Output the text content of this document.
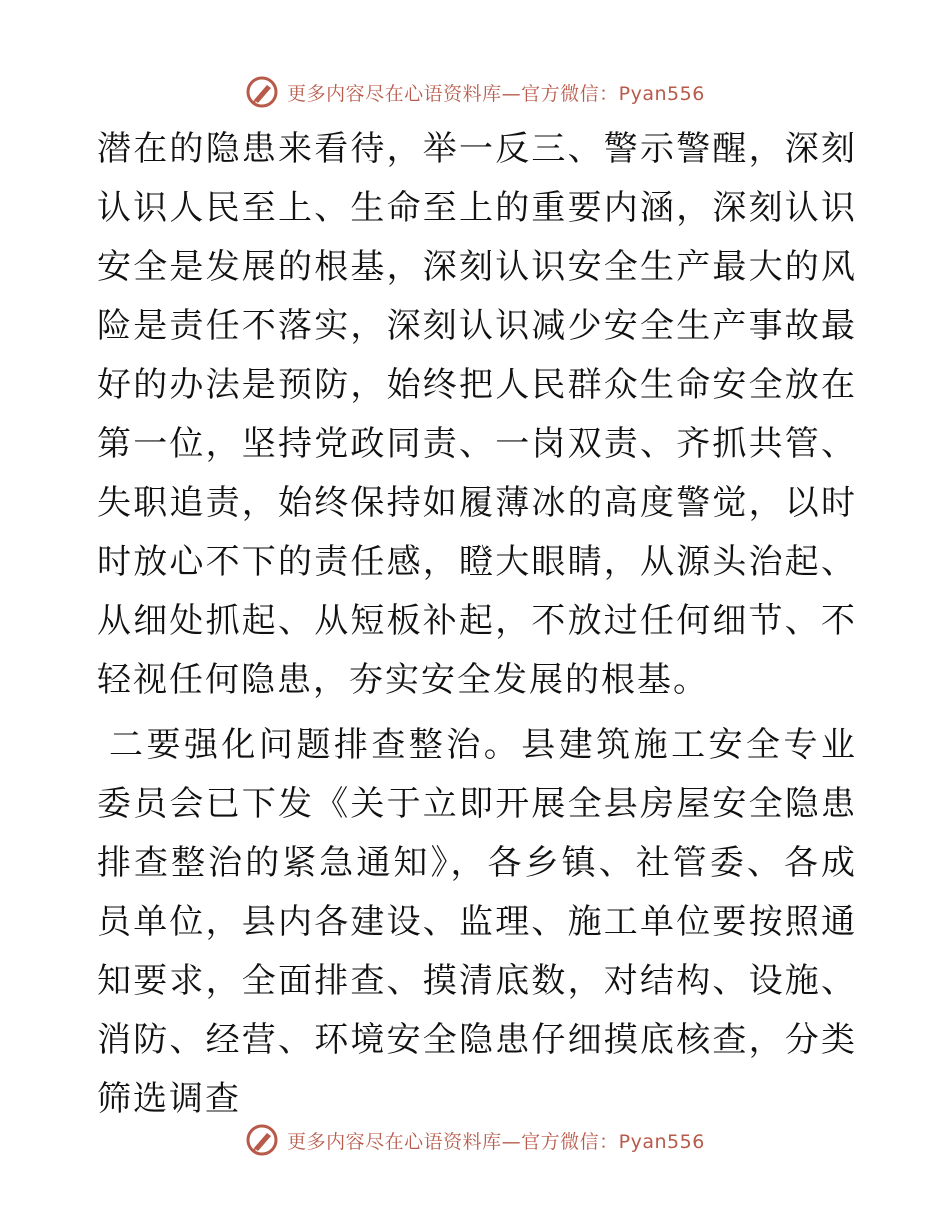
更多内容尽在心语资料库—官方微信：Pyan556

潜在的隐患来看待，举一反三、警示警醒，深刻认识人民至上、生命至上的重要内涵，深刻认识安全是发展的根基，深刻认识安全生产最大的风险是责任不落实，深刻认识减少安全生产事故最好的办法是预防，始终把人民群众生命安全放在第一位，坚持党政同责、一岗双责、齐抓共管、失职追责，始终保持如履薄冰的高度警觉，以时时放心不下的责任感，瞪大眼睛，从源头治起、从细处抓起、从短板补起，不放过任何细节、不轻视任何隐患，夯实安全发展的根基。

二要强化问题排查整治。县建筑施工安全专业委员会已下发《关于立即开展全县房屋安全隐患排查整治的紧急通知》，各乡镇、社管委、各成员单位，县内各建设、监理、施工单位要按照通知要求，全面排查、摸清底数，对结构、设施、消防、经营、环境安全隐患仔细摸底核查，分类筛选调查

更多内容尽在心语资料库—官方微信：Pyan556
